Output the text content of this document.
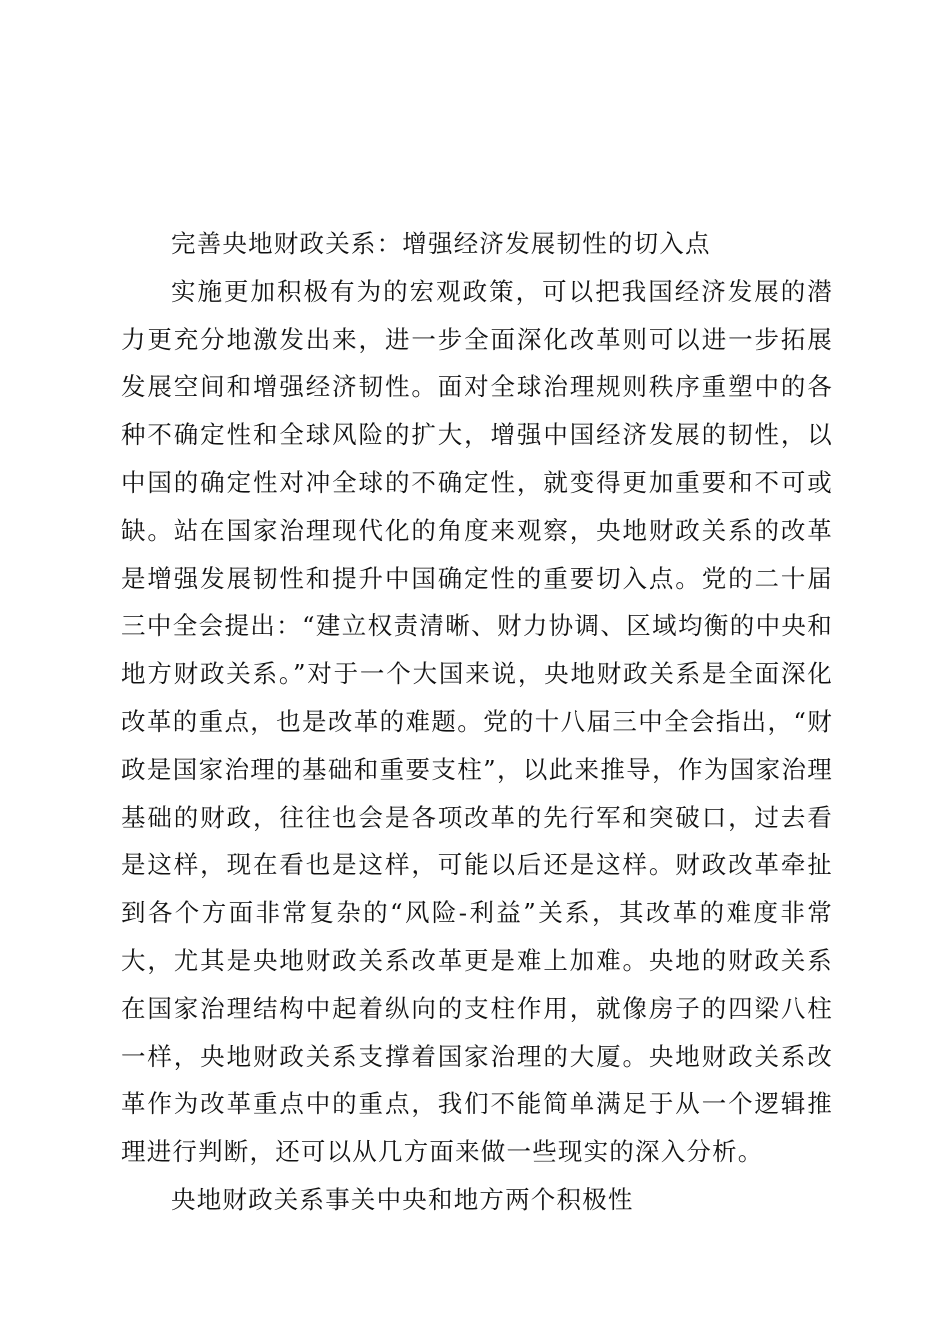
完善央地财政关系：增强经济发展韧性的切入点

实施更加积极有为的宏观政策，可以把我国经济发展的潜力更充分地激发出来，进一步全面深化改革则可以进一步拓展发展空间和增强经济韧性。面对全球治理规则秩序重塑中的各种不确定性和全球风险的扩大，增强中国经济发展的韧性，以中国的确定性对冲全球的不确定性，就变得更加重要和不可或缺。站在国家治理现代化的角度来观察，央地财政关系的改革是增强发展韧性和提升中国确定性的重要切入点。党的二十届三中全会提出：“建立权责清晰、财力协调、区域均衡的中央和地方财政关系。”对于一个大国来说，央地财政关系是全面深化改革的重点，也是改革的难题。党的十八届三中全会指出，“财政是国家治理的基础和重要支柱”，以此来推导，作为国家治理基础的财政，往往也会是各项改革的先行军和突破口，过去看是这样，现在看也是这样，可能以后还是这样。财政改革牵扯到各个方面非常复杂的“风险-利益”关系，其改革的难度非常大，尤其是央地财政关系改革更是难上加难。央地的财政关系在国家治理结构中起着纵向的支柱作用，就像房子的四梁八柱一样，央地财政关系支撑着国家治理的大厦。央地财政关系改革作为改革重点中的重点，我们不能简单满足于从一个逻辑推理进行判断，还可以从几方面来做一些现实的深入分析。

央地财政关系事关中央和地方两个积极性
